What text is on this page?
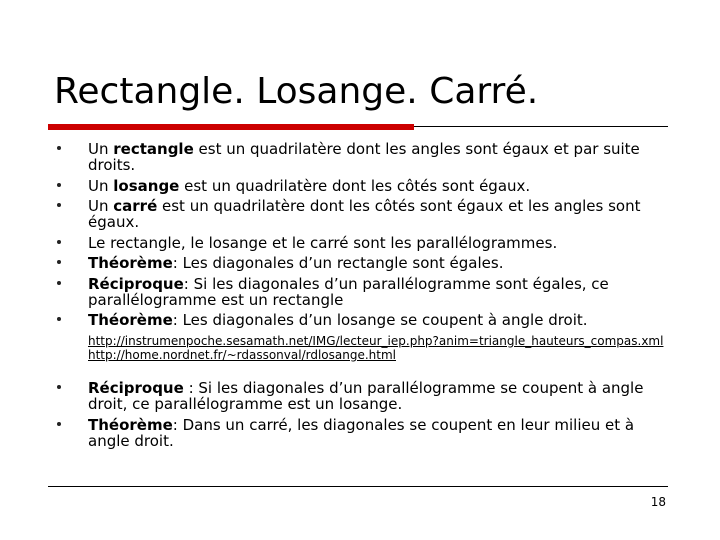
Rectangle. Losange. Carré.
Un rectangle est un quadrilatère dont les angles sont égaux et par suite droits.
Un losange est un quadrilatère dont les côtés sont égaux.
Un carré est un quadrilatère dont les côtés sont égaux et les angles sont égaux.
Le rectangle, le losange et le carré sont les parallélogrammes.
Théorème: Les diagonales d’un rectangle sont égales.
Réciproque: Si les diagonales d’un parallélogramme sont égales, ce parallélogramme est un rectangle
Théorème: Les diagonales d’un losange se coupent à angle droit.
http://instrumenpoche.sesamath.net/IMG/lecteur_iep.php?anim=triangle_hauteurs_compas.xml
http://home.nordnet.fr/~rdassonval/rdlosange.html
Réciproque : Si les diagonales d’un parallélogramme se coupent à angle droit, ce parallélogramme est un losange.
Théorème: Dans un carré, les diagonales se coupent en leur milieu et à angle droit.
18
